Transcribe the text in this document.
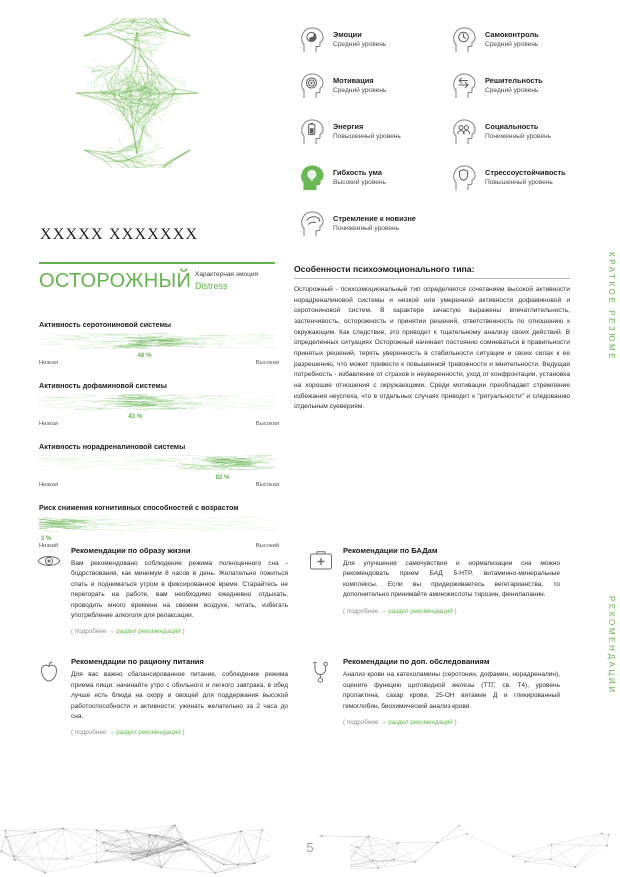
XXXXX XXXXXXX
ОСТОРОЖНЫЙ Характерная эмоция
Distress
Активность серотониновой системы
48 %
Низкая	Высокая
Активность дофаминовой системы
43 %
Низкая	Высокая
Активность норадреналиновой системы
82 %
Низкая	Высокая
Риск снижения когнитивных способностей с возрастом
3 %
Низкий	Высокий
Эмоции
Средний уровень
Самоконтроль
Средний уровень
Мотивация
Средний уровень
Решительность
Средний уровень
Энергия
Повышенный уровень
Социальность
Пониженный уровень
Гибкость ума
Высокий уровень
Стрессоустойчивость
Повышенный уровень
Стремление к новизне
Пониженный уровень
Особенности психоэмоционального типа:
Осторожный - психоэмоциональный тип определяется сочетанием высокой активности норадреналиновой системы и низкой или умеренной активности дофаминовой и серотониновой систем. В характере зачастую выражены впечатлительность, застенчивость, осторожность и принятии решений, ответственность по отношению к окружающим. Как следствие, это приводит к тщательному анализу своих действий. В определенных ситуациях Осторожный начинает постоянно сомневаться в правильности принятых решений, терять уверенность в стабильности ситуации и своих силах к ее разрешению, что может привести к повышенной тревожности и мнительности. Ведущая потребность - избавление от страхов и неуверенности, уход от конфронтации, установка на хорошие отношения с окружающими. Среди мотивации преобладает стремление избежания неуспеха, что в отдельных случаях приводит к "ритуальности" и следованию отдельным суевериям.
Рекомендации по образу жизни
Вам рекомендовано соблюдение режима полноценного сна - бодрствования, как минимум 8 часов в день. Желательно ложиться спать и подниматься утром в фиксированное время. Старайтесь не перегорать на работе, вам необходимо ежедневно отдыхать, проводить много времени на свежем воздухе, читать, избегать употребление алкоголя для релаксации.
( подробнее → раздел рекомендаций )
Рекомендации по БАДам
Для улучшения самочувствия и нормализации сна можно рекомендовать прием БАД 5-НТР, витаминно-минеральные комплексы. Если вы придерживаетесь вегетарианства, то дополнительно принимайте аминокислоты тирозин, фенилаланин.
( подробнее → раздел рекомендаций )
Рекомендации по рациону питания
Для вас важно сбалансированное питание, соблюдение режима приема пищи: начинайте утро с обильного и легкого завтрака, в обед лучше есть блюда на скору и овощей для поддержания высокой работоспособности и активности; ужинать желательно за 2 часа до сна.
( подробнее → раздел рекомендаций )
Рекомендации по доп. обследованиям
Анализ крови на катехоламины (серотонин, дофамин, норадреналин), оцените функцию щитовидной железы (ТТГ, св. Т4), уровень пролактина, сахар крови, 25-ОН витамин Д и гликированный гемоглобин, биохимический анализ крови.
( подробнее → раздел рекомендаций )
КРАТКОЕ РЕЗЮМЕ
РЕКОМЕНДАЦИИ
5
